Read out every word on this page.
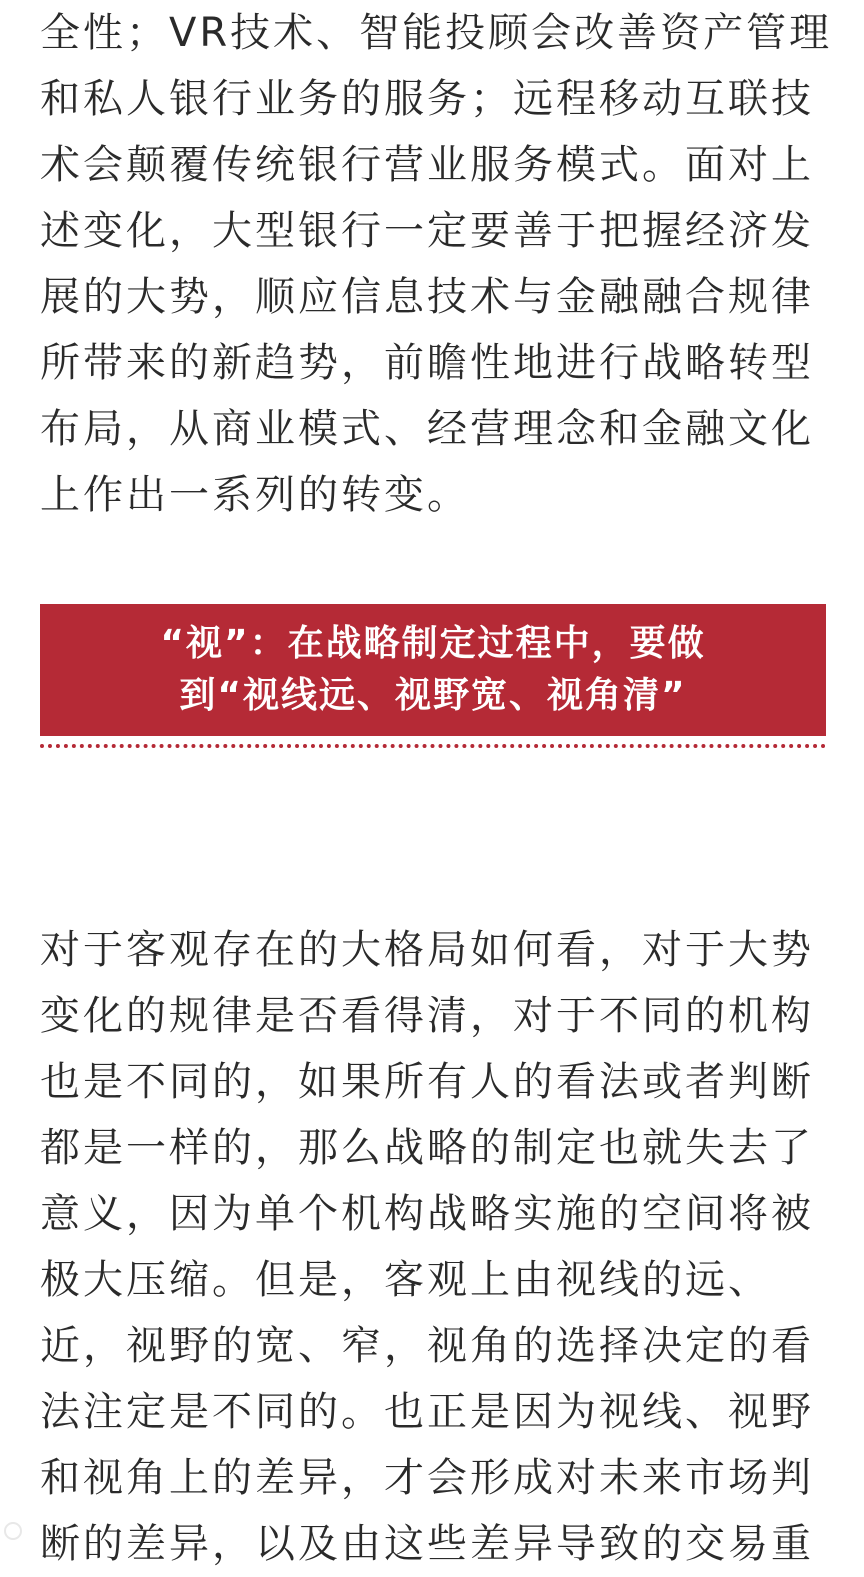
全性；VR技术、智能投顾会改善资产管理
和私人银行业务的服务；远程移动互联技
术会颠覆传统银行营业服务模式。面对上
述变化，大型银行一定要善于把握经济发
展的大势，顺应信息技术与金融融合规律
所带来的新趋势，前瞻性地进行战略转型
布局，从商业模式、经营理念和金融文化
上作出一系列的转变。
“视”：在战略制定过程中，要做
到“视线远、视野宽、视角清”
对于客观存在的大格局如何看，对于大势
变化的规律是否看得清，对于不同的机构
也是不同的，如果所有人的看法或者判断
都是一样的，那么战略的制定也就失去了
意义，因为单个机构战略实施的空间将被
极大压缩。但是，客观上由视线的远、
近，视野的宽、窄，视角的选择决定的看
法注定是不同的。也正是因为视线、视野
和视角上的差异，才会形成对未来市场判
断的差异，以及由这些差异导致的交易重
